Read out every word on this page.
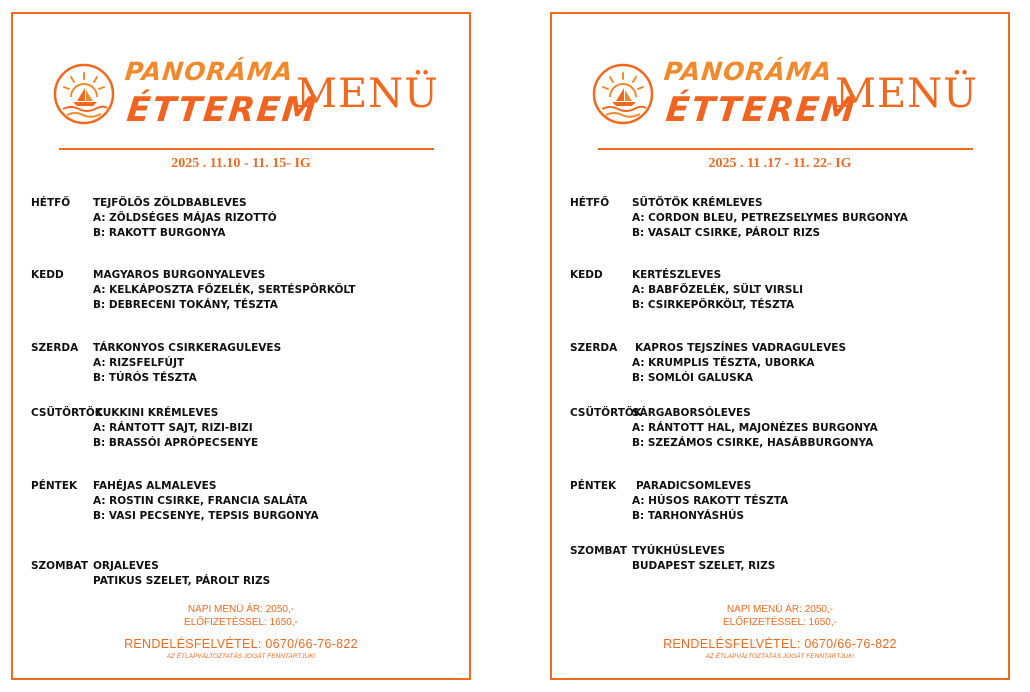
PANORÁMA
ÉTTEREM
MENÜ
2025 . 11.10 - 11. 15- IG
HÉTFŐ TEJFÖLÖS ZÖLDBABLEVES
A: ZÖLDSÉGES MÁJAS RIZOTTÓ
B: RAKOTT BURGONYA
KEDD	MAGYAROS BURGONYALEVES
A: KELKÁPOSZTA FŐZELÉK, SERTÉSPÖRKÖLT
B: DEBRECENI TOKÁNY, TÉSZTA
SZERDA TÁRKONYOS CSIRKERAGULEVES
A: RIZSFELFÚJT
B: TÚRÓS TÉSZTA
CSÜTÖRTÖK
CUKKINI KRÉMLEVES
A: RÁNTOTT SAJT, RIZI-BIZI
B: BRASSÓI APRÓPECSENYE
PÉNTEK FAHÉJAS ALMALEVES
A: ROSTIN CSIRKE, FRANCIA SALÁTA
B: VASI PECSENYE, TEPSIS BURGONYA
SZOMBAT ORJALEVES
PATIKUS SZELET, PÁROLT RIZS
NAPI MENÜ ÁR: 2050,-
ELŐFIZETÉSSEL: 1650,-
RENDELÉSFELVÉTEL: 0670/66-76-822
AZ ÉTLAPVÁLTOZTATÁS JOGÁT FENNTARTJUK!
PANORÁMA
ÉTTEREM
MENÜ
2025 . 11 .17 - 11. 22- IG
HÉTFŐ SÜTŐTÖK KRÉMLEVES
A: CORDON BLEU, PETREZSELYMES BURGONYA
B: VASALT CSIRKE, PÁROLT RIZS
KEDD	KERTÉSZLEVES
A: BABFŐZELÉK, SÜLT VIRSLI
B: CSIRKEPÖRKÖLT, TÉSZTA
SZERDA KAPROS TEJSZÍNES VADRAGULEVES
A: KRUMPLIS TÉSZTA, UBORKA
B: SOMLÓI GALUSKA
CSÜTÖRTÖK
SÁRGABORSÓLEVES
A: RÁNTOTT HAL, MAJONÉZES BURGONYA
B: SZEZÁMOS CSIRKE, HASÁBBURGONYA
PÉNTEK PARADICSOMLEVES
A: HÚSOS RAKOTT TÉSZTA
B: TARHONYÁSHÚS
SZOMBAT TYÚKHÚSLEVES
BUDAPEST SZELET, RIZS
NAPI MENÜ ÁR: 2050,-
ELŐFIZETÉSSEL: 1650,-
RENDELÉSFELVÉTEL: 0670/66-76-822
AZ ÉTLAPVÁLTOZTATÁS JOGÁT FENNTARTJUK!
